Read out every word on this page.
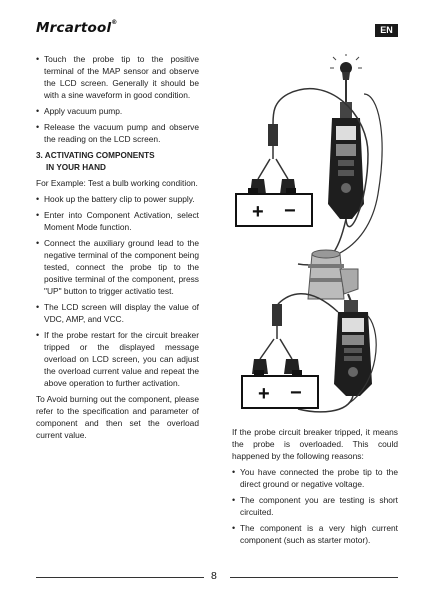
Mrcartool®
EN
• Touch the probe tip to the positive terminal of the MAP sensor and observe the LCD screen. Generally it should be with a sine waveform in good condition.
• Apply vacuum pump.
• Release the vacuum pump and observe the reading on the LCD screen.
3. ACTIVATING COMPONENTS
IN YOUR HAND
For Example: Test a bulb working condition.
• Hook up the battery clip to power supply.
• Enter into Component Activation, select Moment Mode function.
• Connect the auxiliary ground lead to the negative terminal of the component being tested, connect the probe tip to the positive terminal of the component, press "UP" button to trigger activatio test.
• The LCD screen will display the value of VDC, AMP, and VCC.
• If the probe restart for the circuit breaker tripped or the displayed message overload on LCD screen, you can adjust the overload current value and repeat the above operation to further activation.
To Avoid burning out the component, please refer to the specification and parameter of component and then set the overload current value.
+ −
+ −
If the probe circuit breaker tripped, it means the probe is overloaded. This could happened by the following reasons:
• You have connected the probe tip to the direct ground or negative voltage.
• The component you are testing is short circuited.
• The component is a very high current component (such as starter motor).
8
